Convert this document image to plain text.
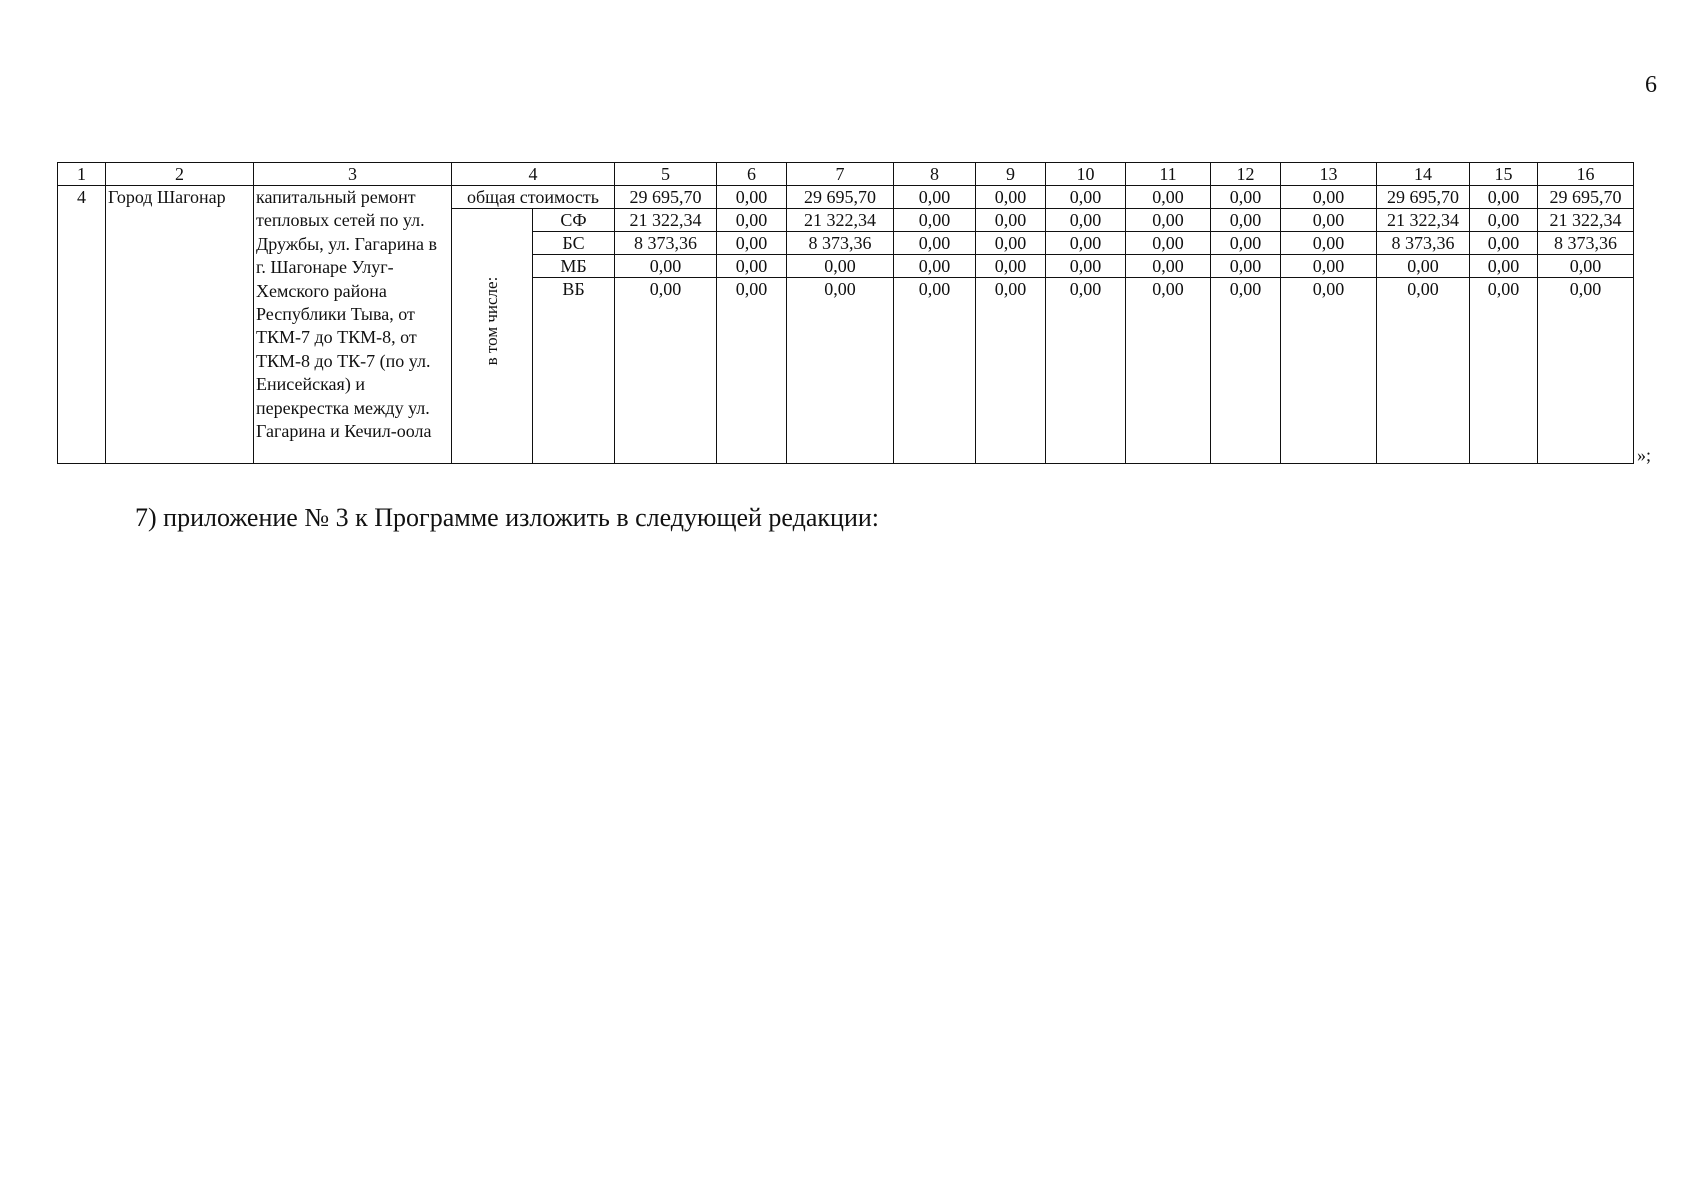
6
1	2	3	4		5	6	7	8	9	10	11	12	13	14	15	16
4	Город Шагонар	капитальный ремонт тепловых сетей по ул. Дружбы, ул. Гагарина в г. Шагонаре Улуг-Хемского района Республики Тыва, от ТКМ-7 до ТКМ-8, от ТКМ-8 до ТК-7 (по ул. Енисейская) и перекрестка между ул. Гагарина и Кечил-оола	общая стоимость		29 695,70	0,00	29 695,70	0,00	0,00	0,00	0,00	0,00	0,00	29 695,70	0,00	29 695,70

			в том числе:	СФ	21 322,34	0,00	21 322,34	0,00	0,00	0,00	0,00	0,00	0,00	21 322,34	0,00	21 322,34
				БС	8 373,36	0,00	8 373,36	0,00	0,00	0,00	0,00	0,00	0,00	8 373,36	0,00	8 373,36
				МБ	0,00	0,00	0,00	0,00	0,00	0,00	0,00	0,00	0,00	0,00	0,00	0,00
				ВБ	0,00	0,00	0,00	0,00	0,00	0,00	0,00	0,00	0,00	0,00	0,00	0,00
»;
7) приложение № 3 к Программе изложить в следующей редакции:
